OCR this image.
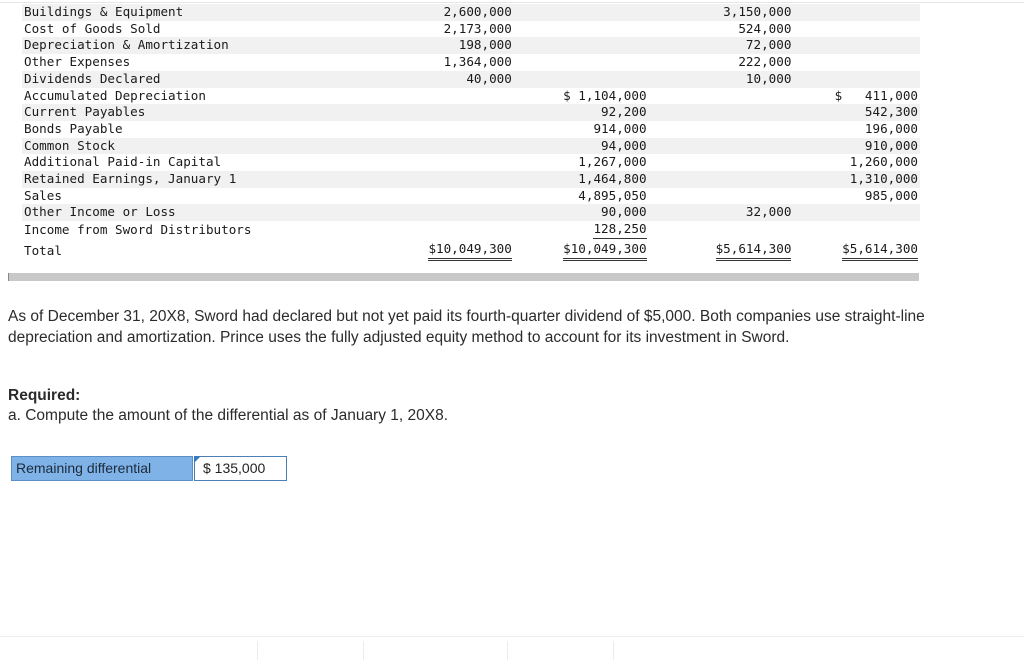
Buildings & Equipment	2,600,000		3,150,000	
Cost of Goods Sold	2,173,000		524,000	
Depreciation & Amortization	198,000		72,000	
Other Expenses	1,364,000		222,000	
Dividends Declared	40,000		10,000	
Accumulated Depreciation		$ 1,104,000		$   411,000
Current Payables		92,200		542,300
Bonds Payable		914,000		196,000
Common Stock		94,000		910,000
Additional Paid-in Capital		1,267,000		1,260,000
Retained Earnings, January 1		1,464,800		1,310,000
Sales		4,895,050		985,000
Other Income or Loss		90,000	32,000	
Income from Sword Distributors		128,250		
Total	$10,049,300	$10,049,300	$5,614,300	$5,614,300
As of December 31, 20X8, Sword had declared but not yet paid its fourth-quarter dividend of $5,000. Both companies use straight-line depreciation and amortization. Prince uses the fully adjusted equity method to account for its investment in Sword.
Required:
a. Compute the amount of the differential as of January 1, 20X8.
Remaining differential	$ 135,000
